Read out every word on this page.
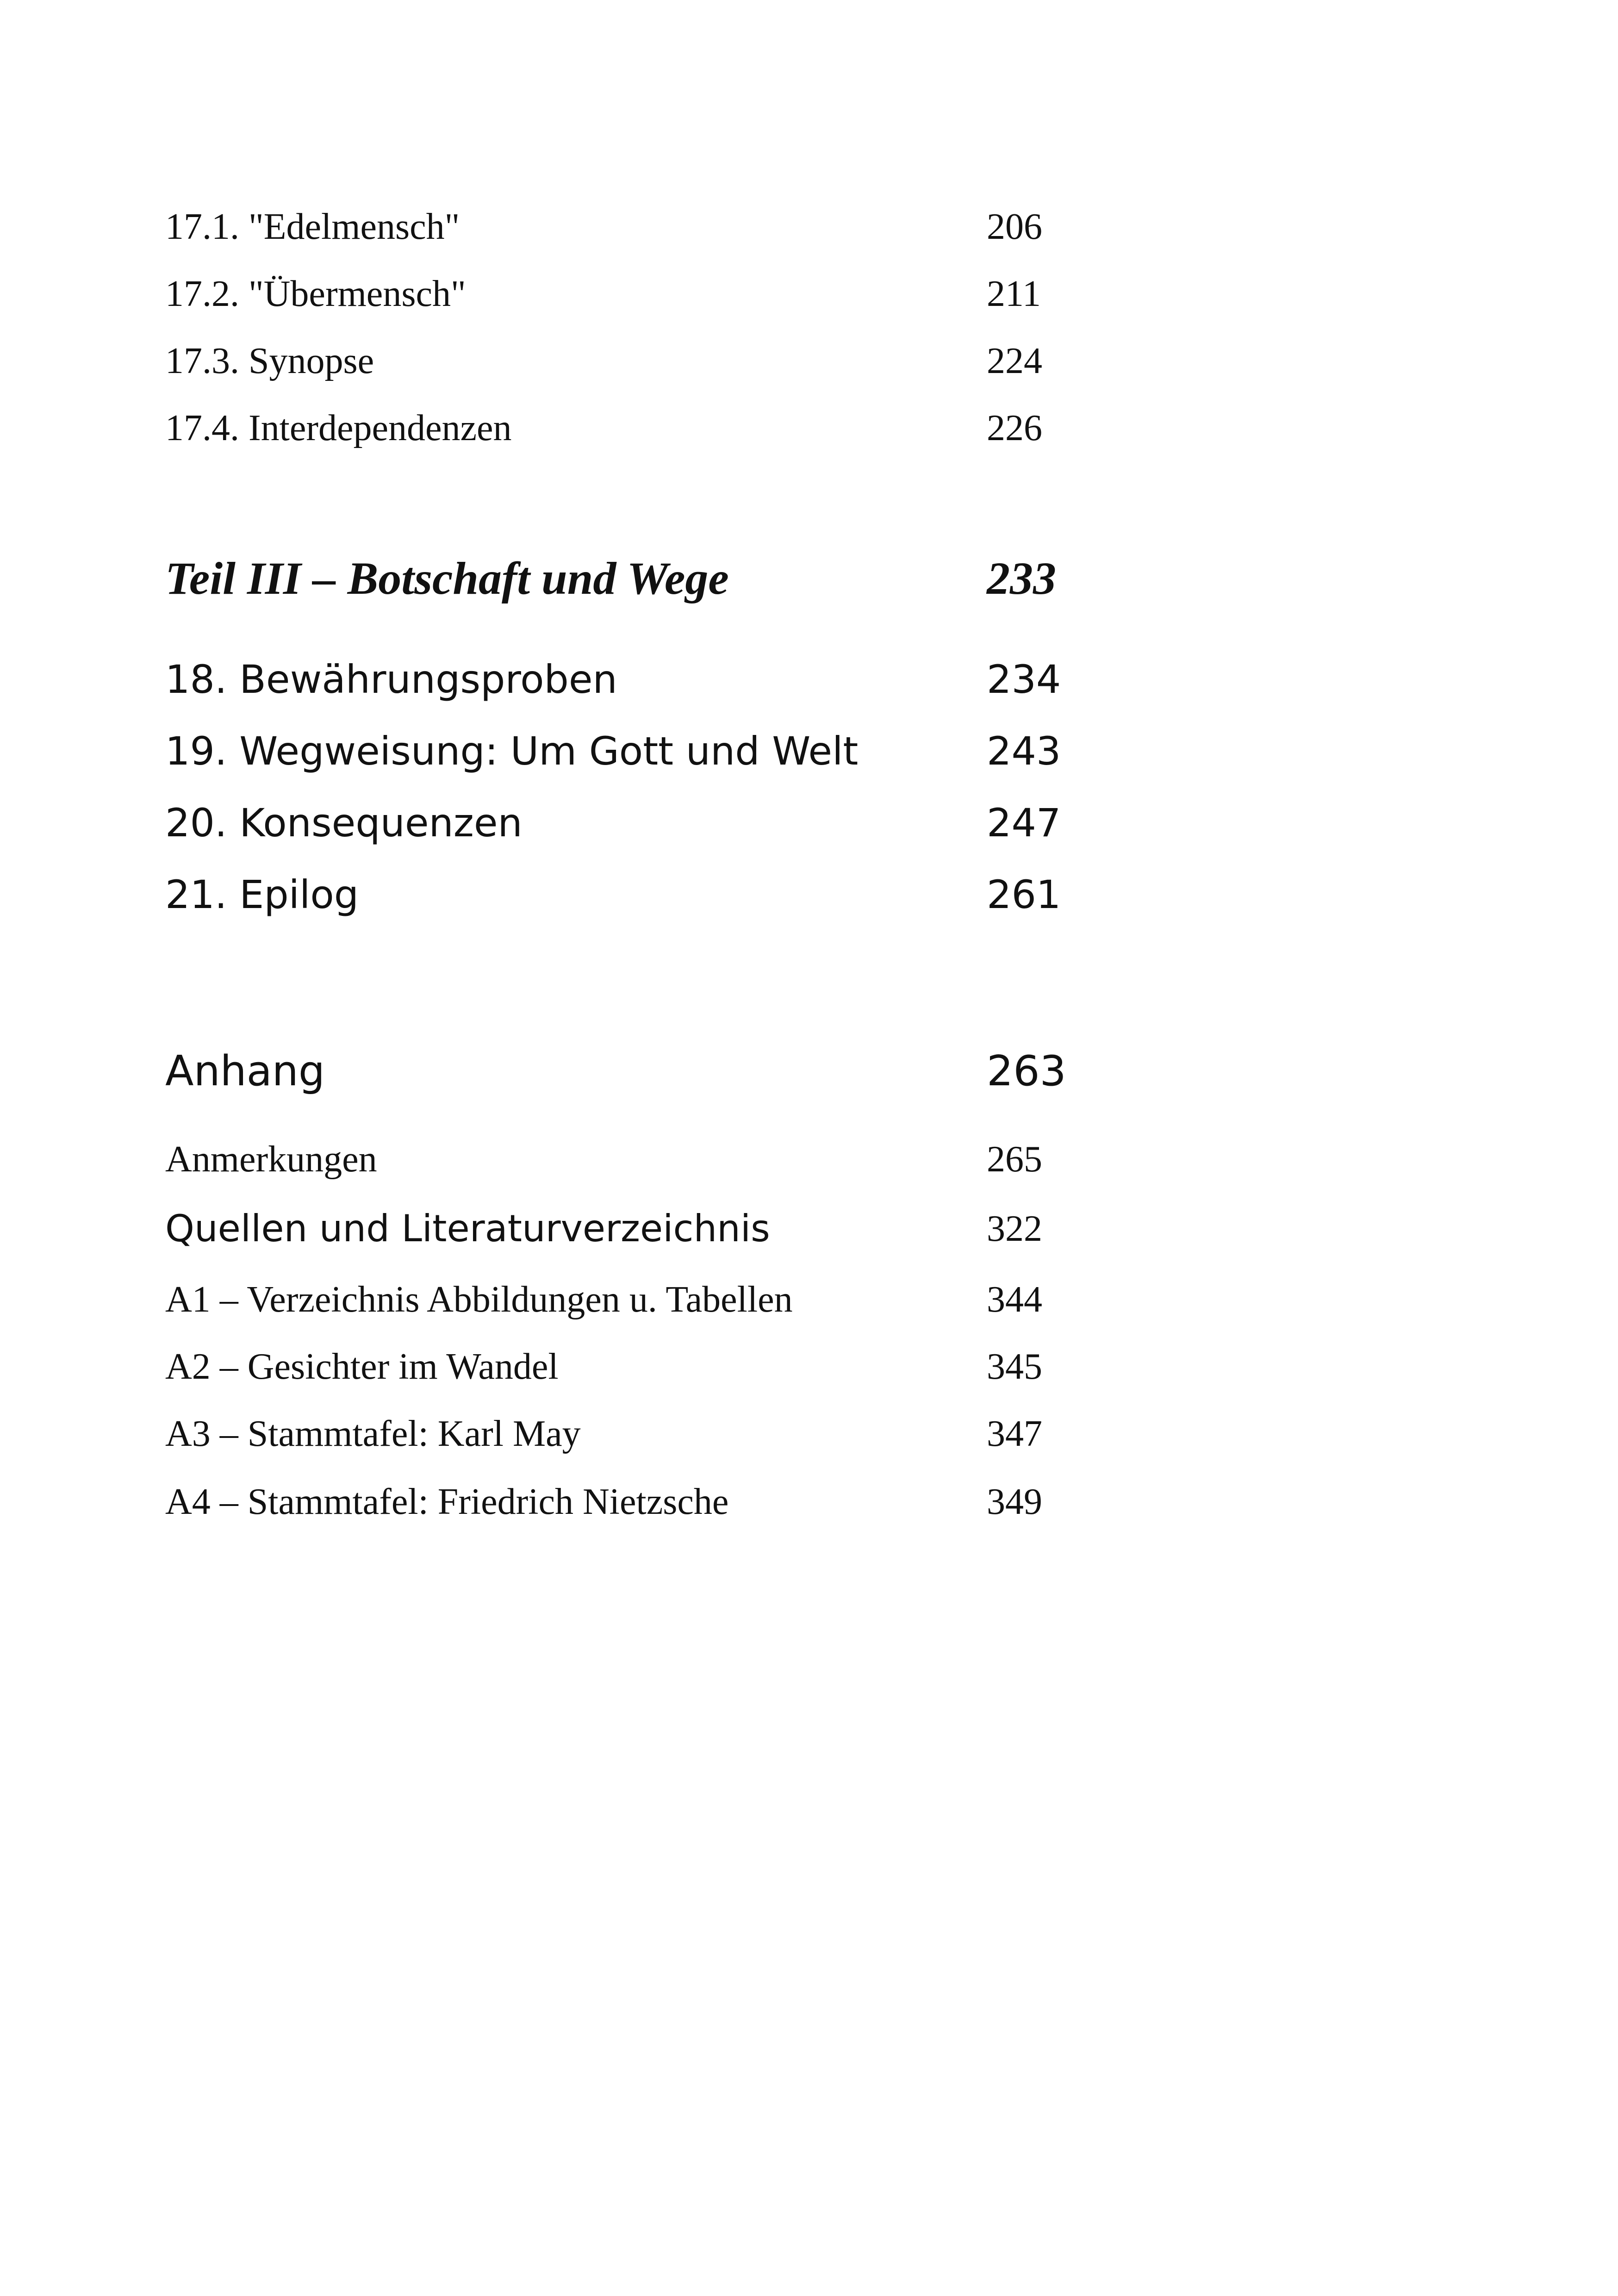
17.1. "Edelmensch"	206
17.2. "Übermensch"	211
17.3. Synopse	224
17.4. Interdependenzen	226
Teil III – Botschaft und Wege	233
18. Bewährungsproben	234
19. Wegweisung: Um Gott und Welt	243
20. Konsequenzen	247
21. Epilog	261
Anhang	263
Anmerkungen	265
Quellen und Literaturverzeichnis	322
A1 – Verzeichnis Abbildungen u. Tabellen	344
A2 – Gesichter im Wandel	345
A3 – Stammtafel: Karl May	347
A4 – Stammtafel: Friedrich Nietzsche	349
